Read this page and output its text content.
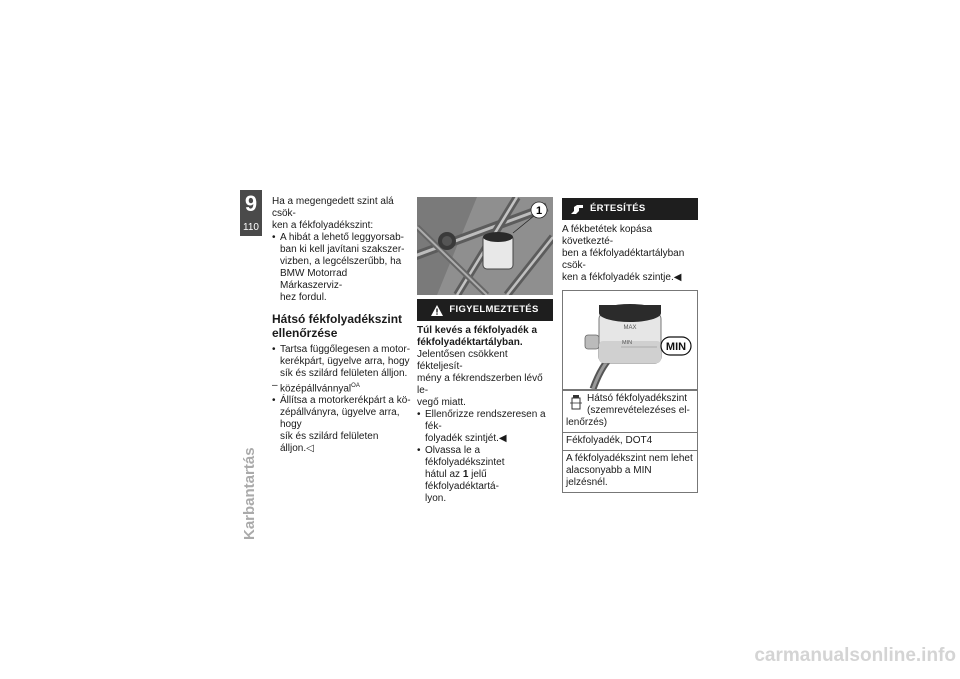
9
110
Karbantartás

Ha a megengedett szint alá csök-

ken a fékfolyadékszint:

• A hibát a lehető leggyorsab-
ban ki kell javítani szakszer-
vizben, a legcélszerűbb, ha
BMW Motorrad Márkaszerviz-
hez fordul.
Hátsó fékfolyadékszint
ellenőrzése
• Tartsa függőlegesen a motor-
kerékpárt, ügyelve arra, hogy
sík és szilárd felületen álljon.
– középállvánnyal$^{OA}$
• Állítsa a motorkerékpárt a kö-
zépállványra, ügyelve arra, hogy
sík és szilárd felületen álljon.◁
1
FIGYELMEZTETÉS
Túl kevés a fékfolyadék a
fékfolyadéktartályban.

Jelentősen csökkent fékteljesít-
mény a fékrendszerben lévő le-
vegő miatt.

• Ellenőrizze rendszeresen a fék-
folyadék szintjét.◀
• Olvassa le a fékfolyadékszintet
hátul az 1 jelű fékfolyadéktartá-
lyon.
ÉRTESÍTÉS

A fékbetétek kopása következté-
ben a fékfolyadéktartályban csök-
ken a fékfolyadék szintje.◀

MAX
MIN	MIN
Hátsó fékfolyadékszint
(szemrevételezéses el-
lenőrzés)
Fékfolyadék, DOT4
A fékfolyadékszint nem lehet
alacsonyabb a MIN jelzésnél.
carmanualsonline.info
